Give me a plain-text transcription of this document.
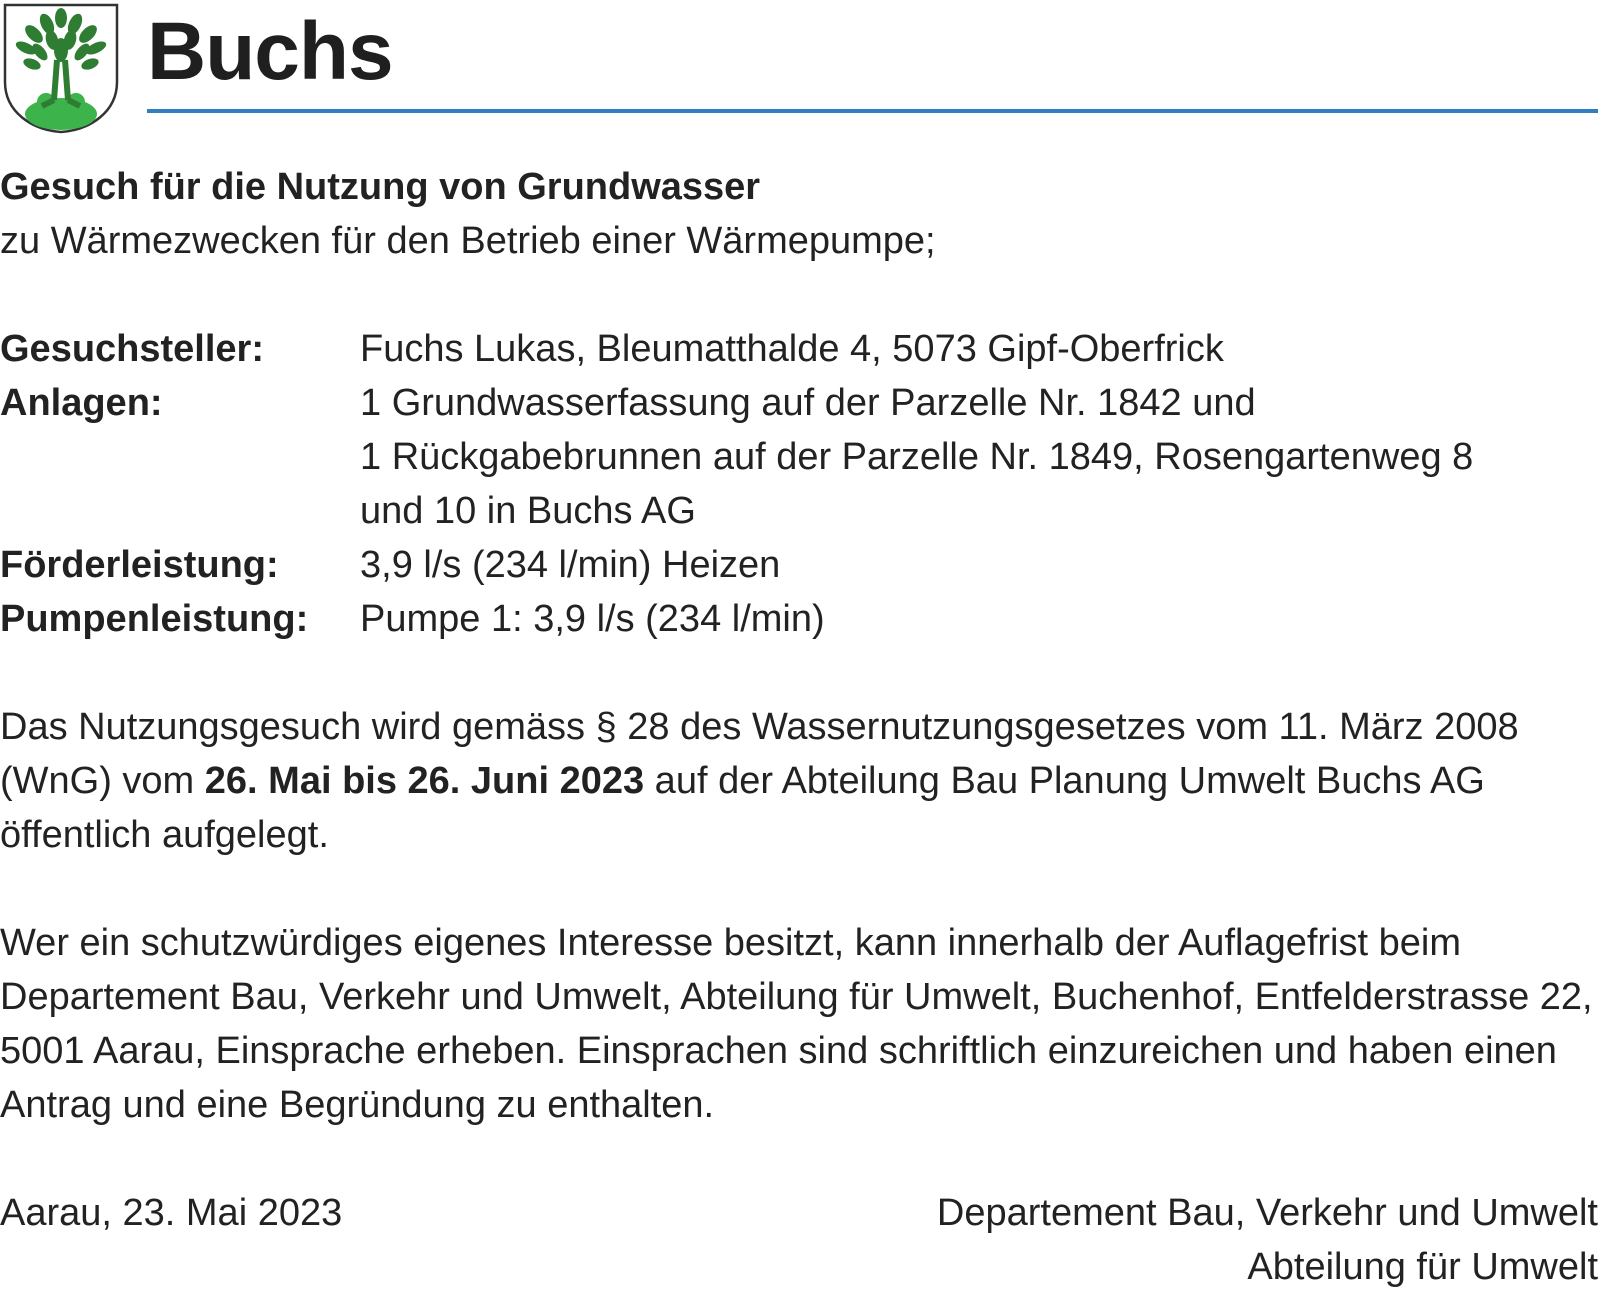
Buchs

Gesuch für die Nutzung von Grundwasser

zu Wärmezwecken für den Betrieb einer Wärmepumpe;

Gesuchsteller:	Fuchs Lukas, Bleumatthalde 4, 5073 Gipf-Oberfrick
Anlagen:	1 Grundwasserfassung auf der Parzelle Nr. 1842 und
1 Rückgabebrunnen auf der Parzelle Nr. 1849, Rosengartenweg 8
und 10 in Buchs AG
Förderleistung:	3,9 l/s (234 l/min) Heizen
Pumpenleistung:	Pumpe 1: 3,9 l/s (234 l/min)

Das Nutzungsgesuch wird gemäss § 28 des Wassernutzungsgesetzes vom 11. März 2008 (WnG) vom 26. Mai bis 26. Juni 2023 auf der Abteilung Bau Planung Umwelt Buchs AG öffentlich aufgelegt.

Wer ein schutzwürdiges eigenes Interesse besitzt, kann innerhalb der Auflagefrist beim Departement Bau, Verkehr und Umwelt, Abteilung für Umwelt, Buchenhof, Entfelderstrasse 22, 5001 Aarau, Einsprache erheben. Einsprachen sind schriftlich einzureichen und haben einen Antrag und eine Begründung zu enthalten.

Aarau, 23. Mai 2023	Departement Bau, Verkehr und Umwelt
Abteilung für Umwelt
